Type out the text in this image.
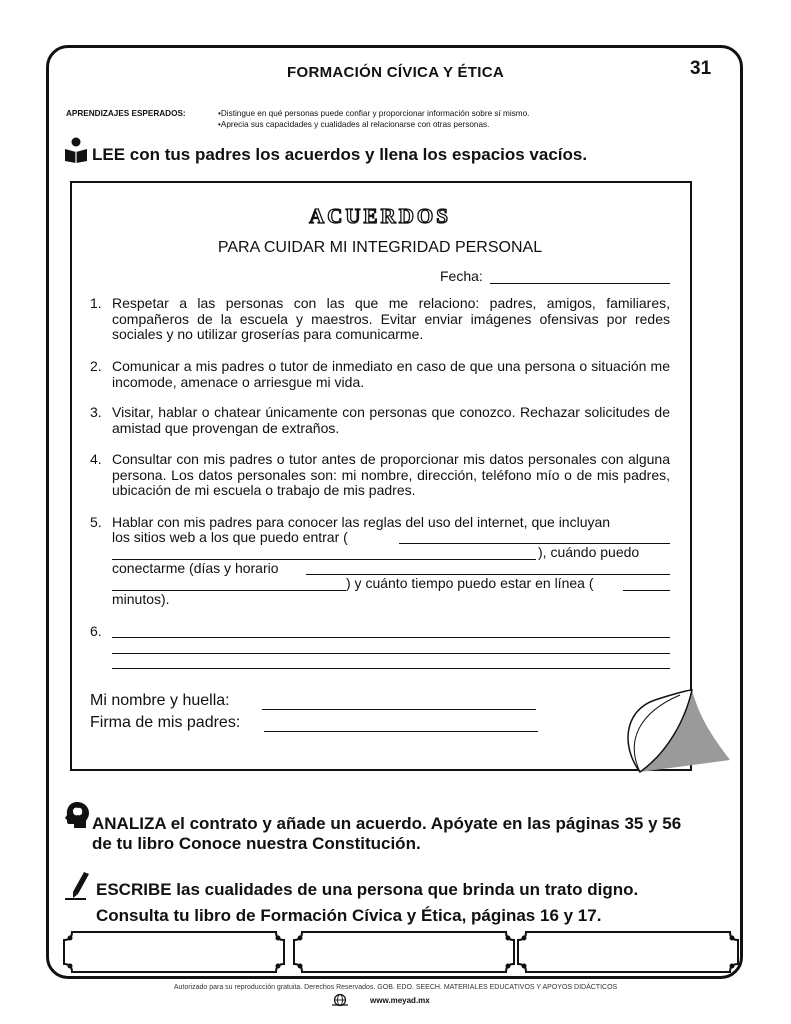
FORMACIÓN CÍVICA Y ÉTICA	31
APRENDIZAJES ESPERADOS:	•Distingue en qué personas puede confiar y proporcionar información sobre sí mismo.
•Aprecia sus capacidades y cualidades al relacionarse con otras personas.
LEE con tus padres los acuerdos y llena los espacios vacíos.
ACUERDOS
PARA CUIDAR MI INTEGRIDAD PERSONAL
Fecha:
1. Respetar a las personas con las que me relaciono: padres, amigos, familiares, compañeros de la escuela y maestros. Evitar enviar imágenes ofensivas por redes sociales y no utilizar groserías para comunicarme.
2. Comunicar a mis padres o tutor de inmediato en caso de que una persona o situación me incomode, amenace o arriesgue mi vida.
3. Visitar, hablar o chatear únicamente con personas que conozco. Rechazar solicitudes de amistad que provengan de extraños.
4. Consultar con mis padres o tutor antes de proporcionar mis datos personales con alguna persona. Los datos personales son: mi nombre, dirección, teléfono mío o de mis padres, ubicación de mi escuela o trabajo de mis padres.
5. Hablar con mis padres para conocer las reglas del uso del internet, que incluyan
los sitios web a los que puedo entrar (
), cuándo puedo
conectarme (días y horario
) y cuánto tiempo puedo estar en línea (
minutos).
6.
Mi nombre y huella:
Firma de mis padres:
ANALIZA el contrato y añade un acuerdo. Apóyate en las páginas 35 y 56
de tu libro Conoce nuestra Constitución.
ESCRIBE las cualidades de una persona que brinda un trato digno.
Consulta tu libro de Formación Cívica y Ética, páginas 16 y 17.
Autorizado para su reproducción gratuita. Derechos Reservados. GOB. EDO. SEECH. MATERIALES EDUCATIVOS Y APOYOS DIDÁCTICOS
www.meyad.mx
